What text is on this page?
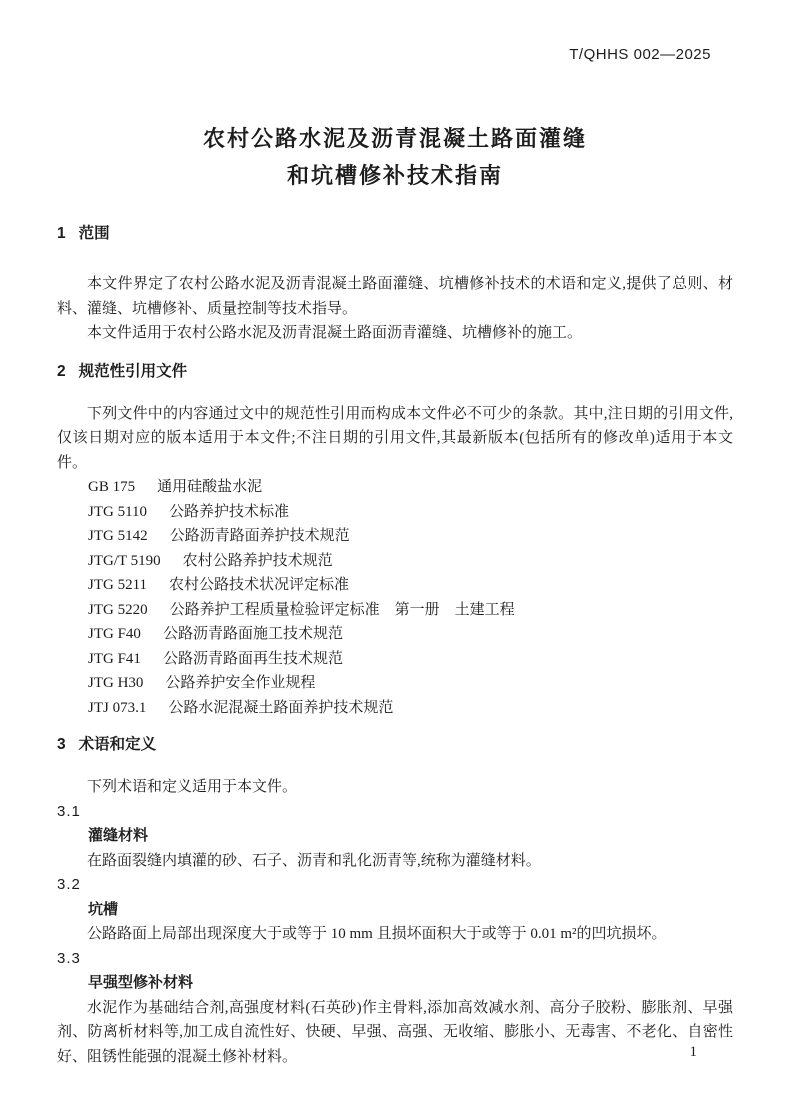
T/QHHS 002—2025
农村公路水泥及沥青混凝土路面灌缝
和坑槽修补技术指南
1 范围

本文件界定了农村公路水泥及沥青混凝土路面灌缝、坑槽修补技术的术语和定义,提供了总则、材料、灌缝、坑槽修补、质量控制等技术指导。

本文件适用于农村公路水泥及沥青混凝土路面沥青灌缝、坑槽修补的施工。

2 规范性引用文件

下列文件中的内容通过文中的规范性引用而构成本文件必不可少的条款。其中,注日期的引用文件,仅该日期对应的版本适用于本文件;不注日期的引用文件,其最新版本(包括所有的修改单)适用于本文件。

GB 175 通用硅酸盐水泥
JTG 5110 公路养护技术标准
JTG 5142 公路沥青路面养护技术规范
JTG/T 5190 农村公路养护技术规范
JTG 5211 农村公路技术状况评定标准
JTG 5220 公路养护工程质量检验评定标准　第一册　土建工程
JTG F40 公路沥青路面施工技术规范
JTG F41 公路沥青路面再生技术规范
JTG H30 公路养护安全作业规程
JTJ 073.1 公路水泥混凝土路面养护技术规范
3 术语和定义

下列术语和定义适用于本文件。

3.1
灌缝材料

在路面裂缝内填灌的砂、石子、沥青和乳化沥青等,统称为灌缝材料。

3.2
坑槽

公路路面上局部出现深度大于或等于 10 mm 且损坏面积大于或等于 0.01 m²的凹坑损坏。

3.3
早强型修补材料

水泥作为基础结合剂,高强度材料(石英砂)作主骨料,添加高效减水剂、高分子胶粉、膨胀剂、早强剂、防离析材料等,加工成自流性好、快硬、早强、高强、无收缩、膨胀小、无毒害、不老化、自密性好、阻锈性能强的混凝土修补材料。	1
